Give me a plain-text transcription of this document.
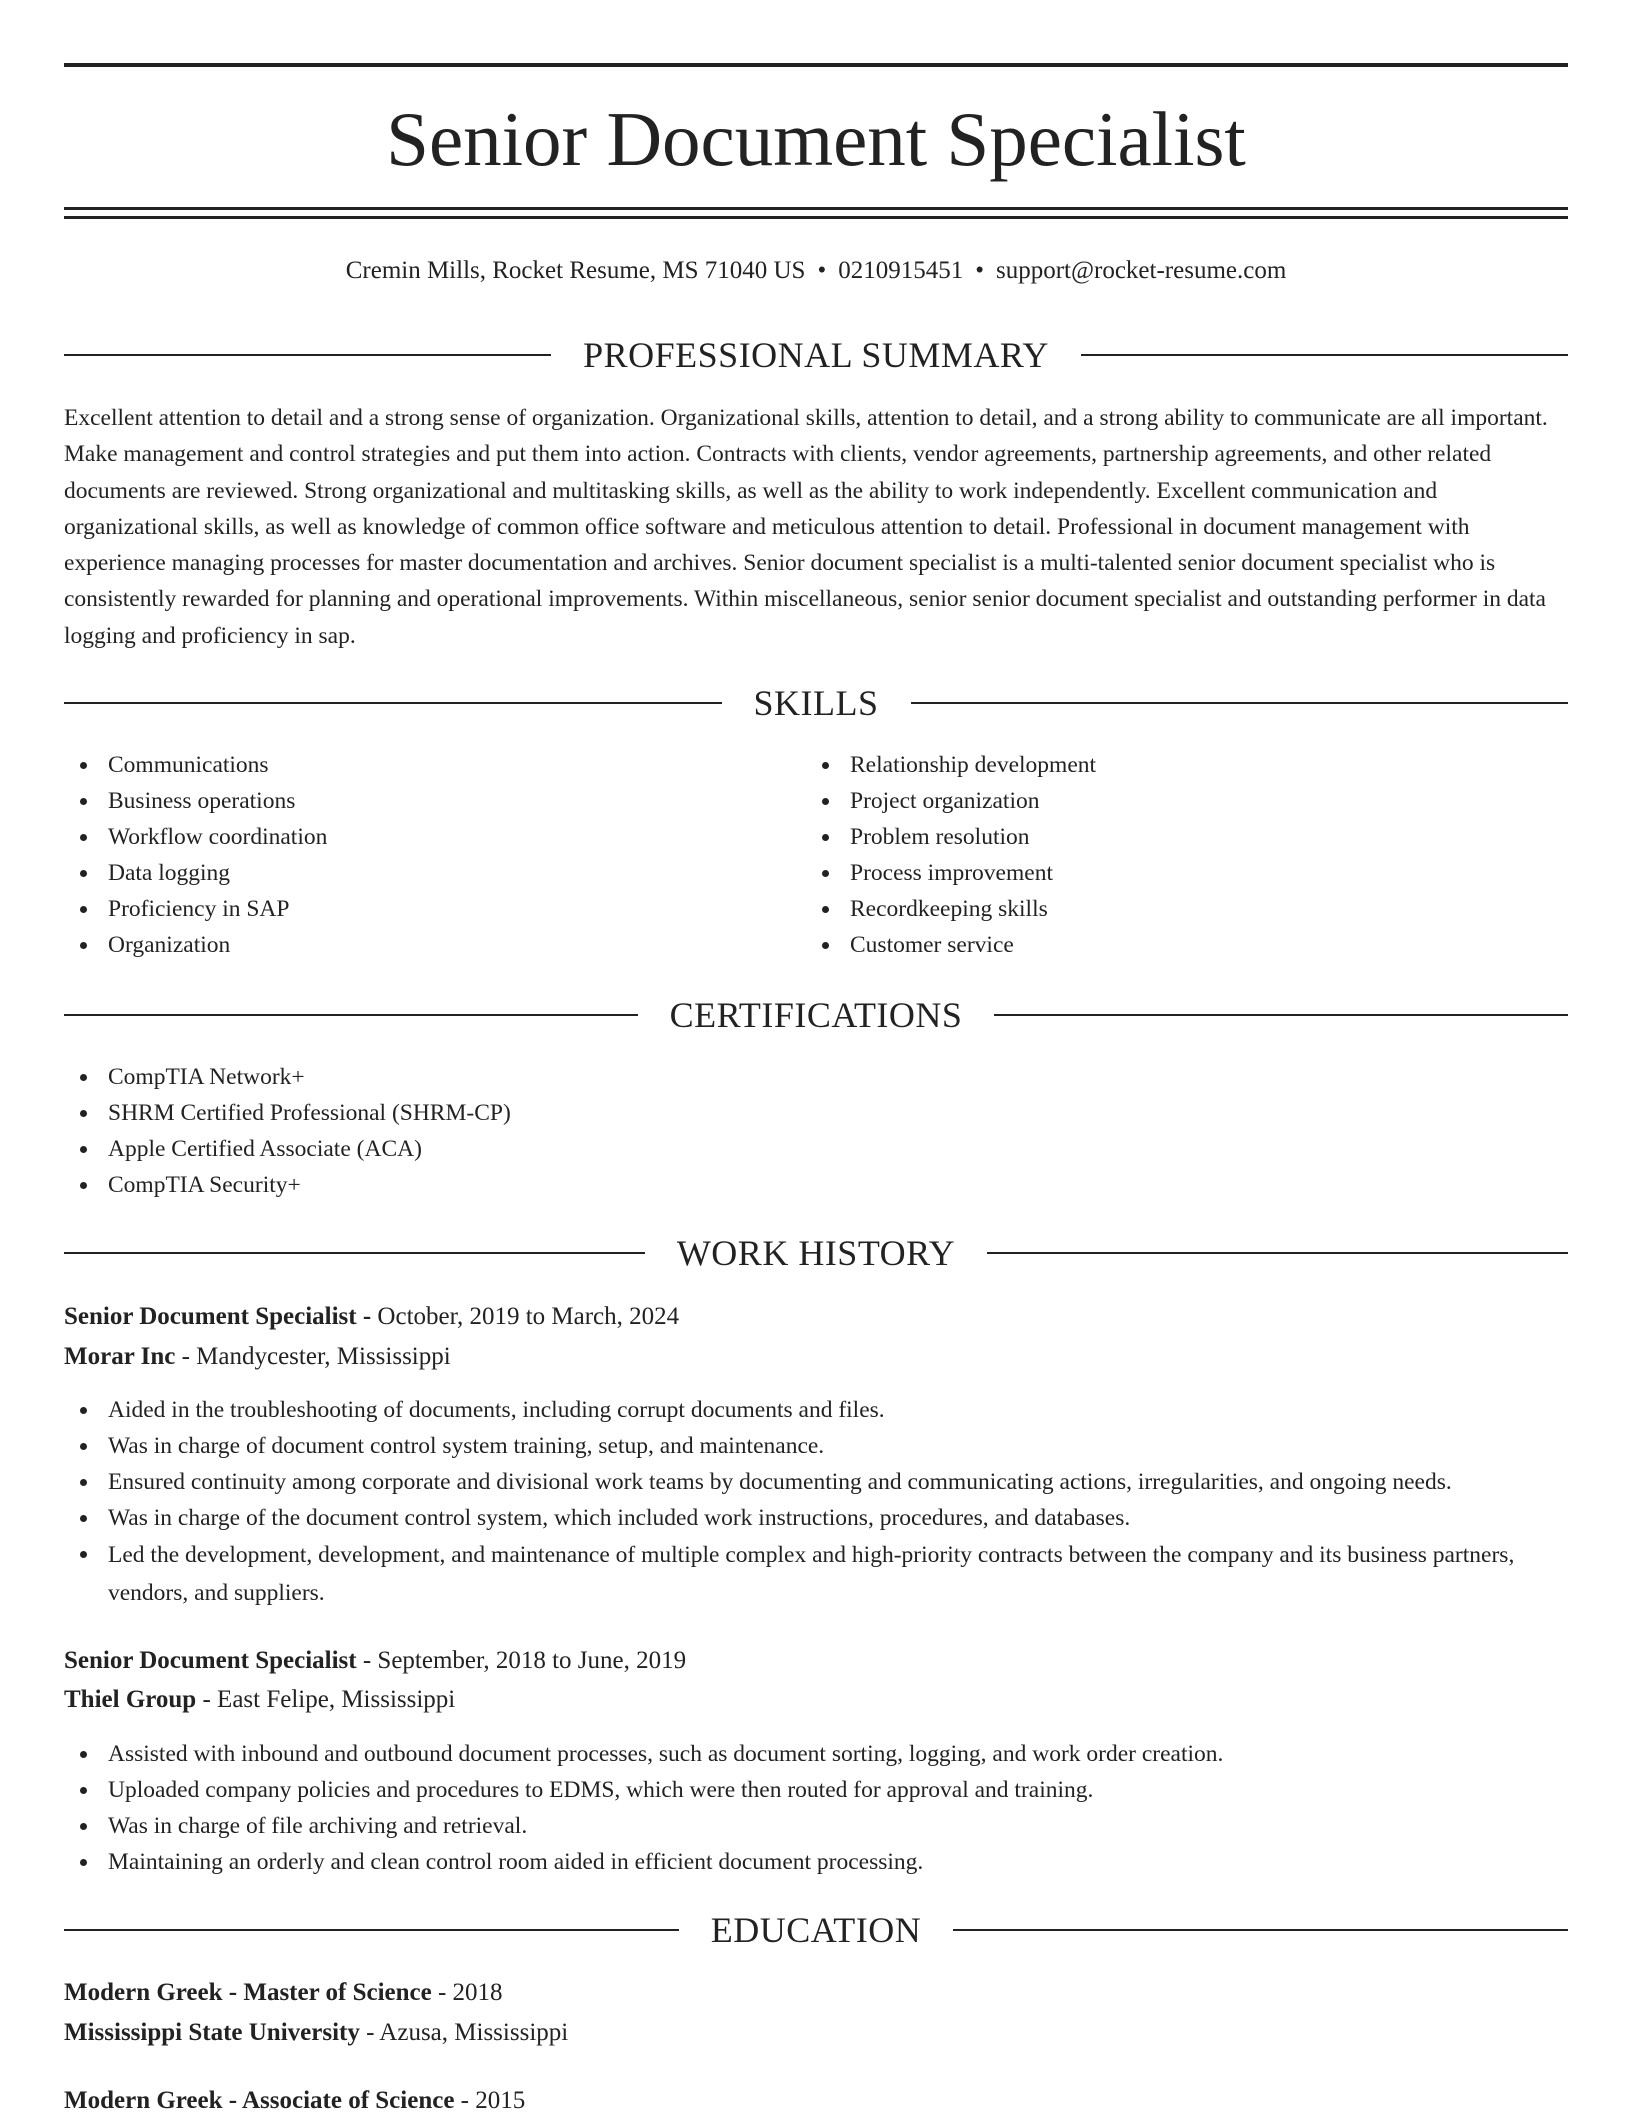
Senior Document Specialist
Cremin Mills, Rocket Resume, MS 71040 US • 0210915451 • support@rocket-resume.com
PROFESSIONAL SUMMARY

Excellent attention to detail and a strong sense of organization. Organizational skills, attention to detail, and a strong ability to communicate are all important. Make management and control strategies and put them into action. Contracts with clients, vendor agreements, partnership agreements, and other related documents are reviewed. Strong organizational and multitasking skills, as well as the ability to work independently. Excellent communication and organizational skills, as well as knowledge of common office software and meticulous attention to detail. Professional in document management with experience managing processes for master documentation and archives. Senior document specialist is a multi-talented senior document specialist who is consistently rewarded for planning and operational improvements. Within miscellaneous, senior senior document specialist and outstanding performer in data logging and proficiency in sap.

SKILLS
Communications
Business operations
Workflow coordination
Data logging
Proficiency in SAP
Organization
Relationship development
Project organization
Problem resolution
Process improvement
Recordkeeping skills
Customer service
CERTIFICATIONS
CompTIA Network+
SHRM Certified Professional (SHRM-CP)
Apple Certified Associate (ACA)
CompTIA Security+
WORK HISTORY
Senior Document Specialist - October, 2019 to March, 2024
Morar Inc - Mandycester, Mississippi
Aided in the troubleshooting of documents, including corrupt documents and files.
Was in charge of document control system training, setup, and maintenance.
Ensured continuity among corporate and divisional work teams by documenting and communicating actions, irregularities, and ongoing needs.
Was in charge of the document control system, which included work instructions, procedures, and databases.
Led the development, development, and maintenance of multiple complex and high-priority contracts between the company and its business partners, vendors, and suppliers.
Senior Document Specialist - September, 2018 to June, 2019
Thiel Group - East Felipe, Mississippi
Assisted with inbound and outbound document processes, such as document sorting, logging, and work order creation.
Uploaded company policies and procedures to EDMS, which were then routed for approval and training.
Was in charge of file archiving and retrieval.
Maintaining an orderly and clean control room aided in efficient document processing.
EDUCATION
Modern Greek - Master of Science - 2018
Mississippi State University - Azusa, Mississippi
Modern Greek - Associate of Science - 2015
